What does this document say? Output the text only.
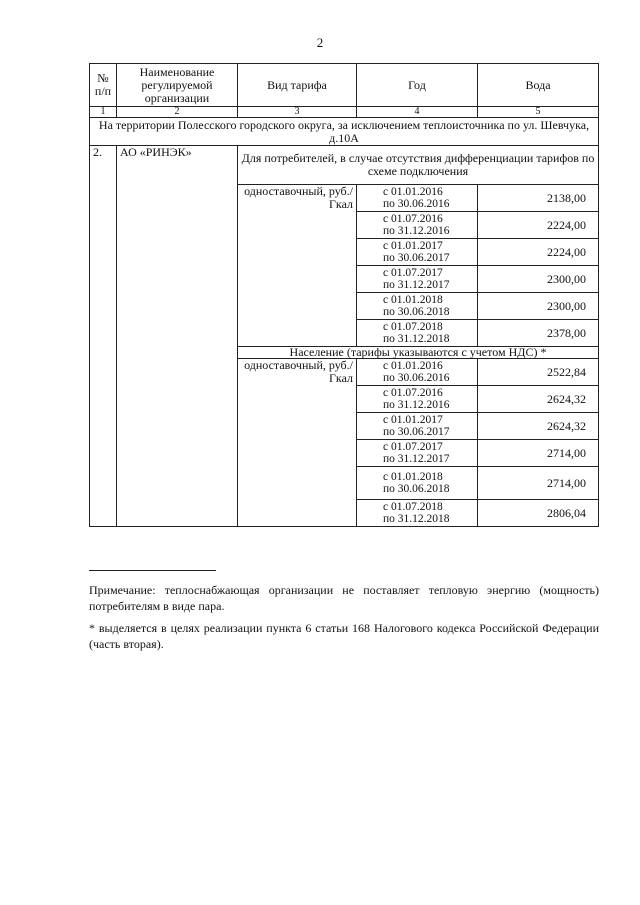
2
№ п/п	Наименование регулируемой организации	Вид тарифа	Год	Вода
1	2	3	4	5
На территории Полесского городского округа, за исключением теплоисточника по ул. Шевчука, д.10А				
2.	АО «РИНЭК»	Для потребителей, в случае отсутствия дифференциации тарифов по схеме подключения		
		одноставочный, руб./Гкал	с 01.01.2016
по 30.06.2016	2138,00
			с 01.07.2016
по 31.12.2016	2224,00
			с 01.01.2017
по 30.06.2017	2224,00
			с 01.07.2017
по 31.12.2017	2300,00
			с 01.01.2018
по 30.06.2018	2300,00
			с 01.07.2018
по 31.12.2018	2378,00
		Население (тарифы указываются с учетом НДС) *		
		одноставочный, руб./Гкал	с 01.01.2016
по 30.06.2016	2522,84
			с 01.07.2016
по 31.12.2016	2624,32
			с 01.01.2017
по 30.06.2017	2624,32
			с 01.07.2017
по 31.12.2017	2714,00
			с 01.01.2018
по 30.06.2018	2714,00
			с 01.07.2018
по 31.12.2018	2806,04
Примечание: теплоснабжающая организации не поставляет тепловую энергию (мощность) потребителям в виде пара.
* выделяется в целях реализации пункта 6 статьи 168 Налогового кодекса Российской Федерации (часть вторая).
